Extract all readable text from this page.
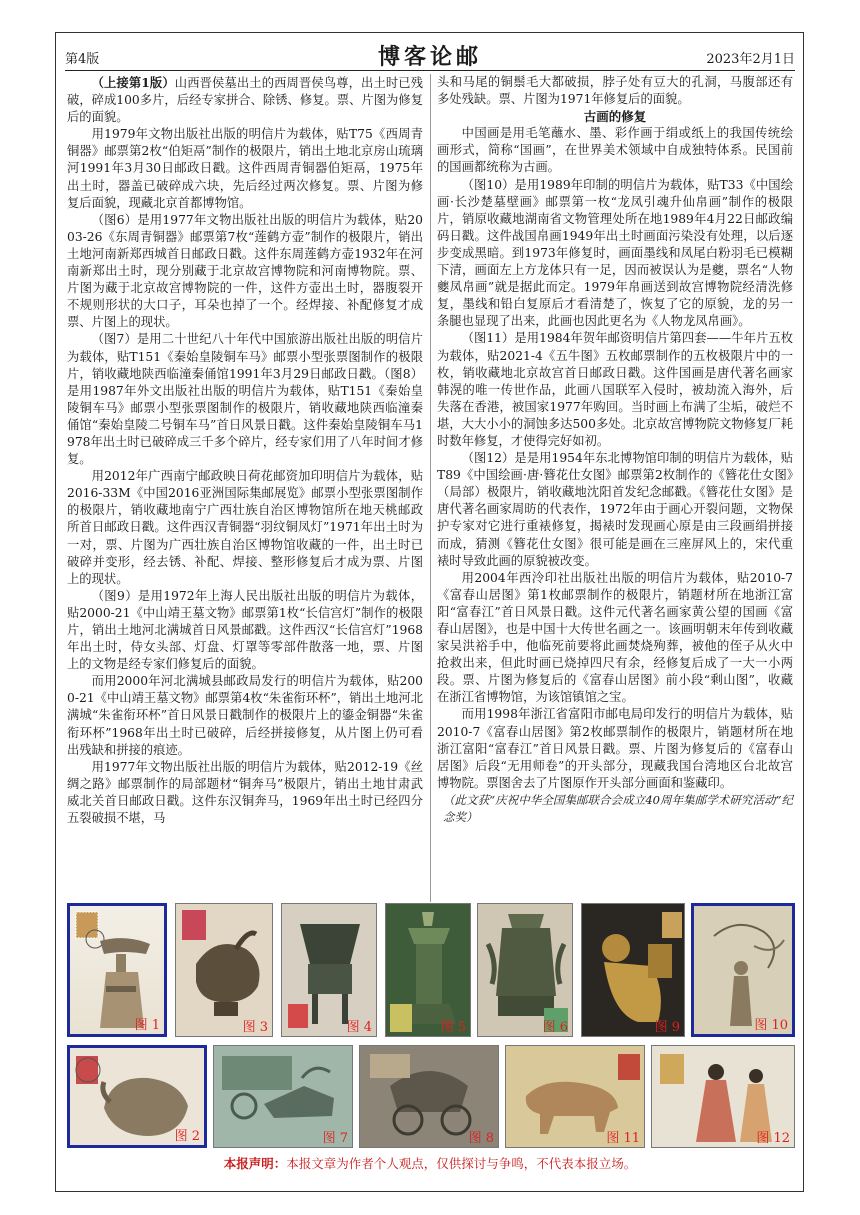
第4版	博客论邮	2023年2月1日

（上接第1版）山西晋侯墓出土的西周晋侯鸟尊，出土时已残破，碎成100多片，后经专家拼合、除锈、修复。票、片图为修复后的面貌。

用1979年文物出版社出版的明信片为载体，贴T75《西周青铜器》邮票第2枚“伯矩鬲”制作的极限片，销出土地北京房山琉璃河1991年3月30日邮政日戳。这件西周青铜器伯矩鬲，1975年出土时，器盖已破碎成六块，先后经过两次修复。票、片图为修复后面貌，现藏北京首都博物馆。

（图6）是用1977年文物出版社出版的明信片为载体，贴2003-26《东周青铜器》邮票第7枚“莲鹤方壶”制作的极限片，销出土地河南新郑西城首日邮政日戳。这件东周莲鹤方壶1932年在河南新郑出土时，现分别藏于北京故宫博物院和河南博物院。票、片图为藏于北京故宫博物院的一件，这件方壶出土时，器腹裂开不规则形状的大口子，耳朵也掉了一个。经焊接、补配修复才成票、片图上的现状。

（图7）是用二十世纪八十年代中国旅游出版社出版的明信片为载体，贴T151《秦始皇陵铜车马》邮票小型张票图制作的极限片，销收藏地陕西临潼秦俑馆1991年3月29日邮政日戳。（图8）是用1987年外文出版社出版的明信片为载体，贴T151《秦始皇陵铜车马》邮票小型张票图制作的极限片，销收藏地陕西临潼秦俑馆“秦始皇陵二号铜车马”首日风景日戳。这件秦始皇陵铜车马1978年出土时已破碎成三千多个碎片，经专家们用了八年时间才修复。

用2012年广西南宁邮政映日荷花邮资加印明信片为载体，贴2016-33M《中国2016亚洲国际集邮展览》邮票小型张票图制作的极限片，销收藏地南宁广西壮族自治区博物馆所在地天桃邮政所首日邮政日戳。这件西汉青铜器“羽纹铜凤灯”1971年出土时为一对，票、片图为广西壮族自治区博物馆收藏的一件，出土时已破碎并变形，经去锈、补配、焊接、整形修复后才成为票、片图上的现状。

（图9）是用1972年上海人民出版社出版的明信片为载体，贴2000-21《中山靖王墓文物》邮票第1枚“长信宫灯”制作的极限片，销出土地河北满城首日风景邮戳。这件西汉“长信宫灯”1968年出土时，侍女头部、灯盘、灯罩等零部件散落一地，票、片图上的文物是经专家们修复后的面貌。

而用2000年河北满城县邮政局发行的明信片为载体，贴2000-21《中山靖王墓文物》邮票第4枚“朱雀衔环杯”，销出土地河北满城“朱雀衔环杯”首日风景日戳制作的极限片上的鎏金铜器“朱雀衔环杯”1968年出土时已破碎，后经拼接修复，从片图上仍可看出残缺和拼接的痕迹。

用1977年文物出版社出版的明信片为载体，贴2012-19《丝绸之路》邮票制作的局部题材“铜奔马”极限片，销出土地甘肃武威北关首日邮政日戳。这件东汉铜奔马，1969年出土时已经四分五裂破损不堪，马

头和马尾的铜鬃毛大都破损，脖子处有豆大的孔洞，马腹部还有多处残缺。票、片图为1971年修复后的面貌。

古画的修复

中国画是用毛笔蘸水、墨、彩作画于绢或纸上的我国传统绘画形式，简称“国画”，在世界美术领域中自成独特体系。民国前的国画都统称为古画。

（图10）是用1989年印制的明信片为载体，贴T33《中国绘画·长沙楚墓壁画》邮票第一枚“龙凤引魂升仙帛画”制作的极限片，销原收藏地湖南省文物管理处所在地1989年4月22日邮政编码日戳。这件战国帛画1949年出土时画面污染没有处理，以后逐步变成黑暗。到1973年修复时，画面墨线和凤尾白粉羽毛已模糊下清，画面左上方龙体只有一足，因而被误认为是夔，票名“人物夔凤帛画”就是据此而定。1979年帛画送到故宫博物院经清洗修复，墨线和铅白复原后才看清楚了，恢复了它的原貌，龙的另一条腿也显现了出来，此画也因此更名为《人物龙凤帛画》。

（图11）是用1984年贺年邮资明信片第四套——牛年片五枚为载体，贴2021-4《五牛图》五枚邮票制作的五枚极限片中的一枚，销收藏地北京故宫首日邮政日戳。这件国画是唐代著名画家韩滉的唯一传世作品，此画八国联军入侵时，被劫流入海外，后失落在香港，被国家1977年购回。当时画上布满了尘垢，破烂不堪，大大小小的洞蚀多达500多处。北京故宫博物院文物修复厂耗时数年修复，才使得完好如初。

（图12）是是用1954年东北博物馆印制的明信片为载体，贴T89《中国绘画·唐·簪花仕女图》邮票第2枚制作的《簪花仕女图》（局部）极限片，销收藏地沈阳首发纪念邮戳。《簪花仕女图》是唐代著名画家周昉的代表作，1972年由于画心开裂问题，文物保护专家对它进行重裱修复，揭裱时发现画心原是由三段画绢拼接而成，猜测《簪花仕女图》很可能是画在三座屏风上的，宋代重裱时导致此画的原貌被改变。

用2004年西泠印社出版社出版的明信片为载体，贴2010-7《富春山居图》第1枚邮票制作的极限片，销题材所在地浙江富阳“富春江”首日风景日戳。这件元代著名画家黄公望的国画《富春山居图》，也是中国十大传世名画之一。该画明朝末年传到收藏家吴洪裕手中，他临死前要将此画焚烧殉葬，被他的侄子从火中抢救出来，但此时画已烧掉四尺有余，经修复后成了一大一小两段。票、片图为修复后的《富春山居图》前小段“剩山图”，收藏在浙江省博物馆，为该馆镇馆之宝。

而用1998年浙江省富阳市邮电局印发行的明信片为载体，贴2010-7《富春山居图》第2枚邮票制作的极限片，销题材所在地浙江富阳“富春江”首日风景日戳。票、片图为修复后的《富春山居图》后段“无用师卷”的开头部分，现藏我国台湾地区台北故宫博物院。票图舍去了片图原作开头部分画面和鉴藏印。

（此文获“庆祝中华全国集邮联合会成立40周年集邮学术研究活动”纪念奖）

图 1	图 3	图 4	图 5	图 6	图 9	图 10
图 2	图 7	图 8	图 11	图 12
本报声明：本报文章为作者个人观点，仅供探讨与争鸣，不代表本报立场。
